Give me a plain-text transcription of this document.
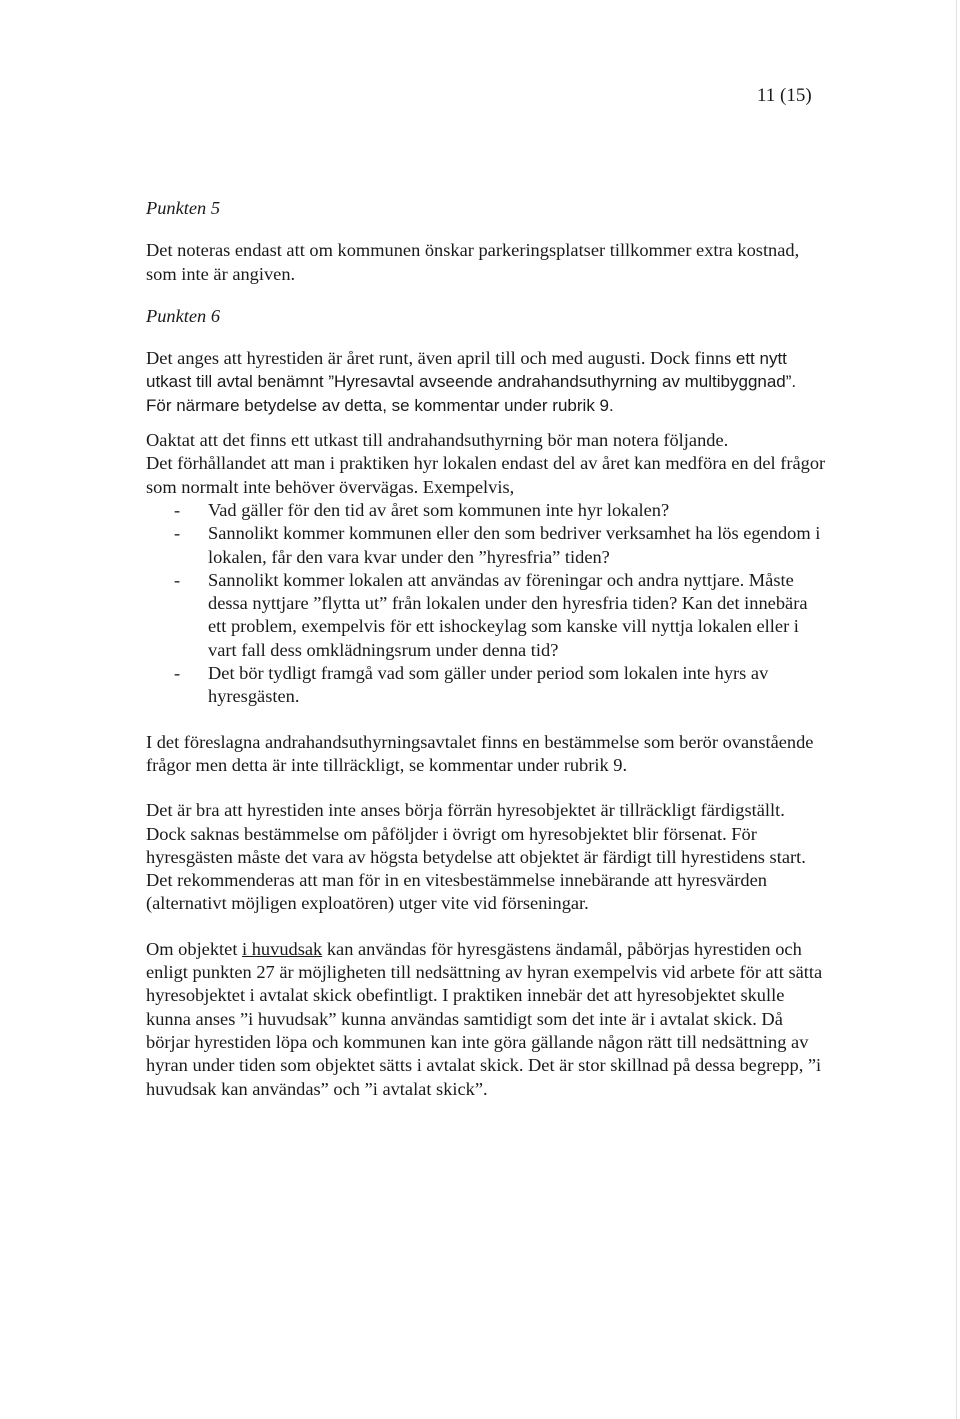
11 (15)

Punkten 5

Det noteras endast att om kommunen önskar parkeringsplatser tillkommer extra kostnad, som inte är angiven.

Punkten 6

Det anges att hyrestiden är året runt, även april till och med augusti. Dock finns ett nytt utkast till avtal benämnt ”Hyresavtal avseende andrahandsuthyrning av multibyggnad”. För närmare betydelse av detta, se kommentar under rubrik 9.

Oaktat att det finns ett utkast till andrahandsuthyrning bör man notera följande.

Det förhållandet att man i praktiken hyr lokalen endast del av året kan medföra en del frågor som normalt inte behöver övervägas. Exempelvis,

- Vad gäller för den tid av året som kommunen inte hyr lokalen?
- Sannolikt kommer kommunen eller den som bedriver verksamhet ha lös egendom i lokalen, får den vara kvar under den ”hyresfria” tiden?
- Sannolikt kommer lokalen att användas av föreningar och andra nyttjare. Måste dessa nyttjare ”flytta ut” från lokalen under den hyresfria tiden? Kan det innebära ett problem, exempelvis för ett ishockeylag som kanske vill nyttja lokalen eller i vart fall dess omklädningsrum under denna tid?
- Det bör tydligt framgå vad som gäller under period som lokalen inte hyrs av hyresgästen.

I det föreslagna andrahandsuthyrningsavtalet finns en bestämmelse som berör ovanstående frågor men detta är inte tillräckligt, se kommentar under rubrik 9.

Det är bra att hyrestiden inte anses börja förrän hyresobjektet är tillräckligt färdigställt. Dock saknas bestämmelse om påföljder i övrigt om hyresobjektet blir försenat. För hyresgästen måste det vara av högsta betydelse att objektet är färdigt till hyrestidens start. Det rekommenderas att man för in en vitesbestämmelse innebärande att hyresvärden (alternativt möjligen exploatören) utger vite vid förseningar.

Om objektet i huvudsak kan användas för hyresgästens ändamål, påbörjas hyrestiden och enligt punkten 27 är möjligheten till nedsättning av hyran exempelvis vid arbete för att sätta hyresobjektet i avtalat skick obefintligt. I praktiken innebär det att hyresobjektet skulle kunna anses ”i huvudsak” kunna användas samtidigt som det inte är i avtalat skick. Då börjar hyrestiden löpa och kommunen kan inte göra gällande någon rätt till nedsättning av hyran under tiden som objektet sätts i avtalat skick. Det är stor skillnad på dessa begrepp, ”i huvudsak kan användas” och ”i avtalat skick”.
